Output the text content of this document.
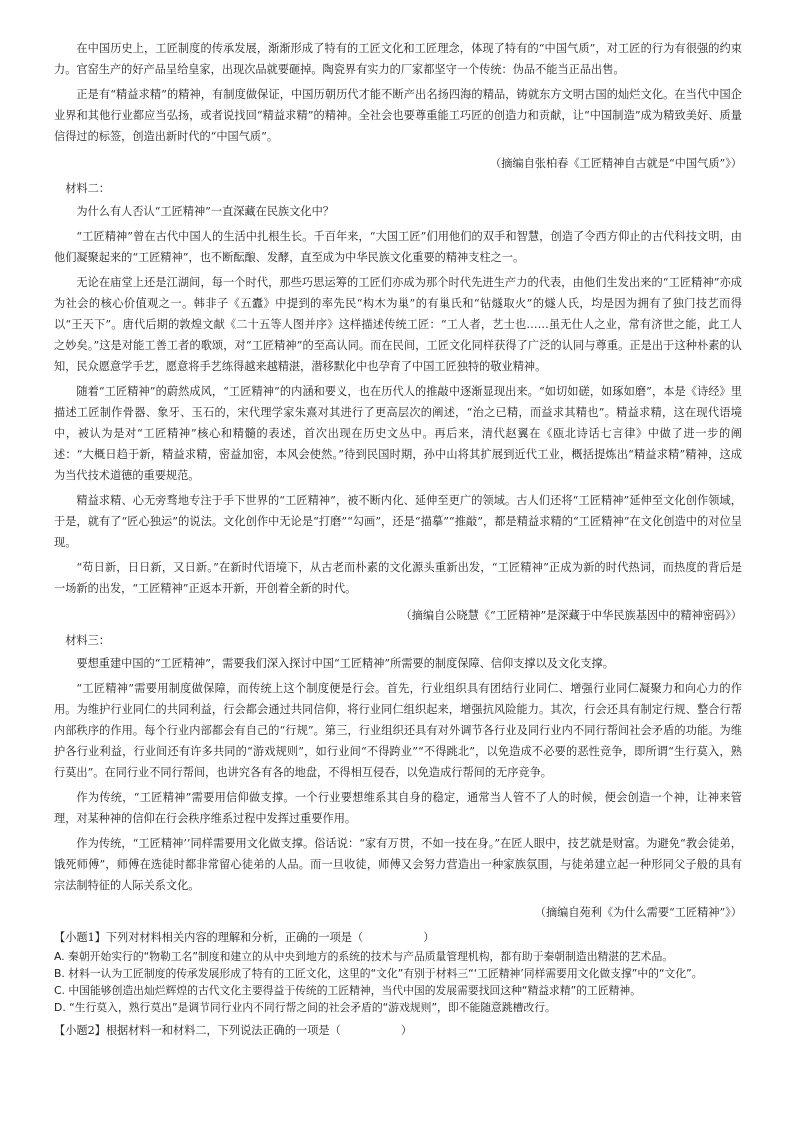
在中国历史上，工匠制度的传承发展，渐渐形成了特有的工匠文化和工匠理念，体现了特有的“中国气质”，对工匠的行为有很强的约束力。官窑生产的好产品呈给皇家，出现次品就要砸掉。陶瓷界有实力的厂家都坚守一个传统：伪品不能当正品出售。

正是有“精益求精”的精神，有制度做保证，中国历朝历代才能不断产出名扬四海的精品，铸就东方文明古国的灿烂文化。在当代中国企业界和其他行业都应当弘扬，或者说找回“精益求精”的精神。全社会也要尊重能工巧匠的创造力和贡献，让“中国制造”成为精致美好、质量信得过的标签，创造出新时代的“中国气质”。

（摘编自张柏春《工匠精神自古就是“中国气质”》）

材料二：

为什么有人否认“工匠精神”一直深藏在民族文化中？

“工匠精神”曾在古代中国人的生活中扎根生长。千百年来，“大国工匠”们用他们的双手和智慧，创造了令西方仰止的古代科技文明，由他们凝聚起来的“工匠精神”，也不断酝酿、发酵，直至成为中华民族文化重要的精神支柱之一。

无论在庙堂上还是江湖间，每一个时代，那些巧思运筹的工匠们亦成为那个时代先进生产力的代表，由他们生发出来的“工匠精神”亦成为社会的核心价值观之一。韩非子《五蠹》中提到的率先民“构木为巢”的有巢氏和“钻燧取火”的燧人氏，均是因为拥有了独门技艺而得以“王天下”。唐代后期的敦煌文献《二十五等人图并序》这样描述传统工匠：“工人者，艺士也……虽无仕人之业，常有济世之能，此工人之妙矣。”这是对能工善工者的歌颂，对“工匠精神”的至高认同。而在民间，工匠文化同样获得了广泛的认同与尊重。正是出于这种朴素的认知，民众愿意学手艺，愿意将手艺练得越来越精湛，潜移默化中也孕育了中国工匠独特的敬业精神。

随着“工匠精神”的蔚然成风，“工匠精神”的内涵和要义，也在历代人的推敲中逐渐显现出来。“如切如磋，如琢如磨”，本是《诗经》里描述工匠制作骨器、象牙、玉石的，宋代理学家朱熹对其进行了更高层次的阐述，“治之已精，而益求其精也”。精益求精，这在现代语境中，被认为是对“工匠精神”核心和精髓的表述，首次出现在历史文丛中。再后来，清代赵翼在《瓯北诗话七言律》中做了进一步的阐述：“大概日趋于新，精益求精，密益加密，本风会使然。”待到民国时期，孙中山将其扩展到近代工业，概括提炼出“精益求精”精神，这成为当代技术道德的重要规范。

精益求精、心无旁骛地专注于手下世界的“工匠精神”，被不断内化、延伸至更广的领域。古人们还将“工匠精神”延伸至文化创作领域，于是，就有了“匠心独运”的说法。文化创作中无论是“打磨”“勾画”，还是“描摹”“推敲”，都是精益求精的“工匠精神”在文化创造中的对位呈现。

“苟日新，日日新，又日新。”在新时代语境下，从古老而朴素的文化源头重新出发，“工匠精神”正成为新的时代热词，而热度的背后是一场新的出发，“工匠精神”正返本开新，开创着全新的时代。

（摘编自公晓慧《“工匠精神”是深藏于中华民族基因中的精神密码》）

材料三：

要想重建中国的“工匠精神”，需要我们深入探讨中国“工匠精神”所需要的制度保障、信仰支撑以及文化支撑。

“工匠精神”需要用制度做保障，而传统上这个制度便是行会。首先，行业组织具有团结行业同仁、增强行业同仁凝聚力和向心力的作用。为维护行业同仁的共同利益，行会都会通过共同信仰，将行业同仁组织起来，增强抗风险能力。其次，行会还具有制定行规、整合行帮内部秩序的作用。每个行业内部都会有自己的“行规”。第三，行业组织还具有对外调节各行业及同行业内不同行帮间社会矛盾的功能。为维护各行业利益，行业间还有许多共同的“游戏规则”，如行业间“不得跨业”“不得跳北”，以免造成不必要的恶性竞争，即所谓“生行莫入，熟行莫出”。在同行业不同行帮间，也讲究各有各的地盘，不得相互侵吞，以免造成行帮间的无序竞争。

作为传统，“工匠精神”需要用信仰做支撑。一个行业要想维系其自身的稳定，通常当人管不了人的时候，便会创造一个神，让神来管理，对某种神的信仰在行会秩序维系过程中发挥过重要作用。

作为传统，“工匠精神’’同样需要用文化做支撑。俗话说：“家有万贯，不如一技在身。”在匠人眼中，技艺就是财富。为避免“教会徒弟，饿死师傅”，师傅在选徒时都非常留心徒弟的人品。而一旦收徒，师傅又会努力营造出一种家族氛围，与徒弟建立起一种形同父子般的具有宗法制特征的人际关系文化。

（摘编自苑利《为什么需要“工匠精神”》）

【小题1】下列对材料相关内容的理解和分析，正确的一项是（	）

A. 秦朝开始实行的“物勒工名”制度和建立的从中央到地方的系统的技术与产品质量管理机构，都有助于秦朝制造出精湛的艺术品。

B. 材料一认为工匠制度的传承发展形成了特有的工匠文化，这里的“文化”有别于材料三“‘工匠精神’同样需要用文化做支撑”中的“文化”。

C. 中国能够创造出灿烂辉煌的古代文化主要得益于传统的工匠精神，当代中国的发展需要找回这种“精益求精”的工匠精神。

D. “生行莫入，熟行莫出”是调节同行业内不同行帮之间的社会矛盾的“游戏规则”，即不能随意跳槽改行。

【小题2】根据材料一和材料二，下列说法正确的一项是（	）
